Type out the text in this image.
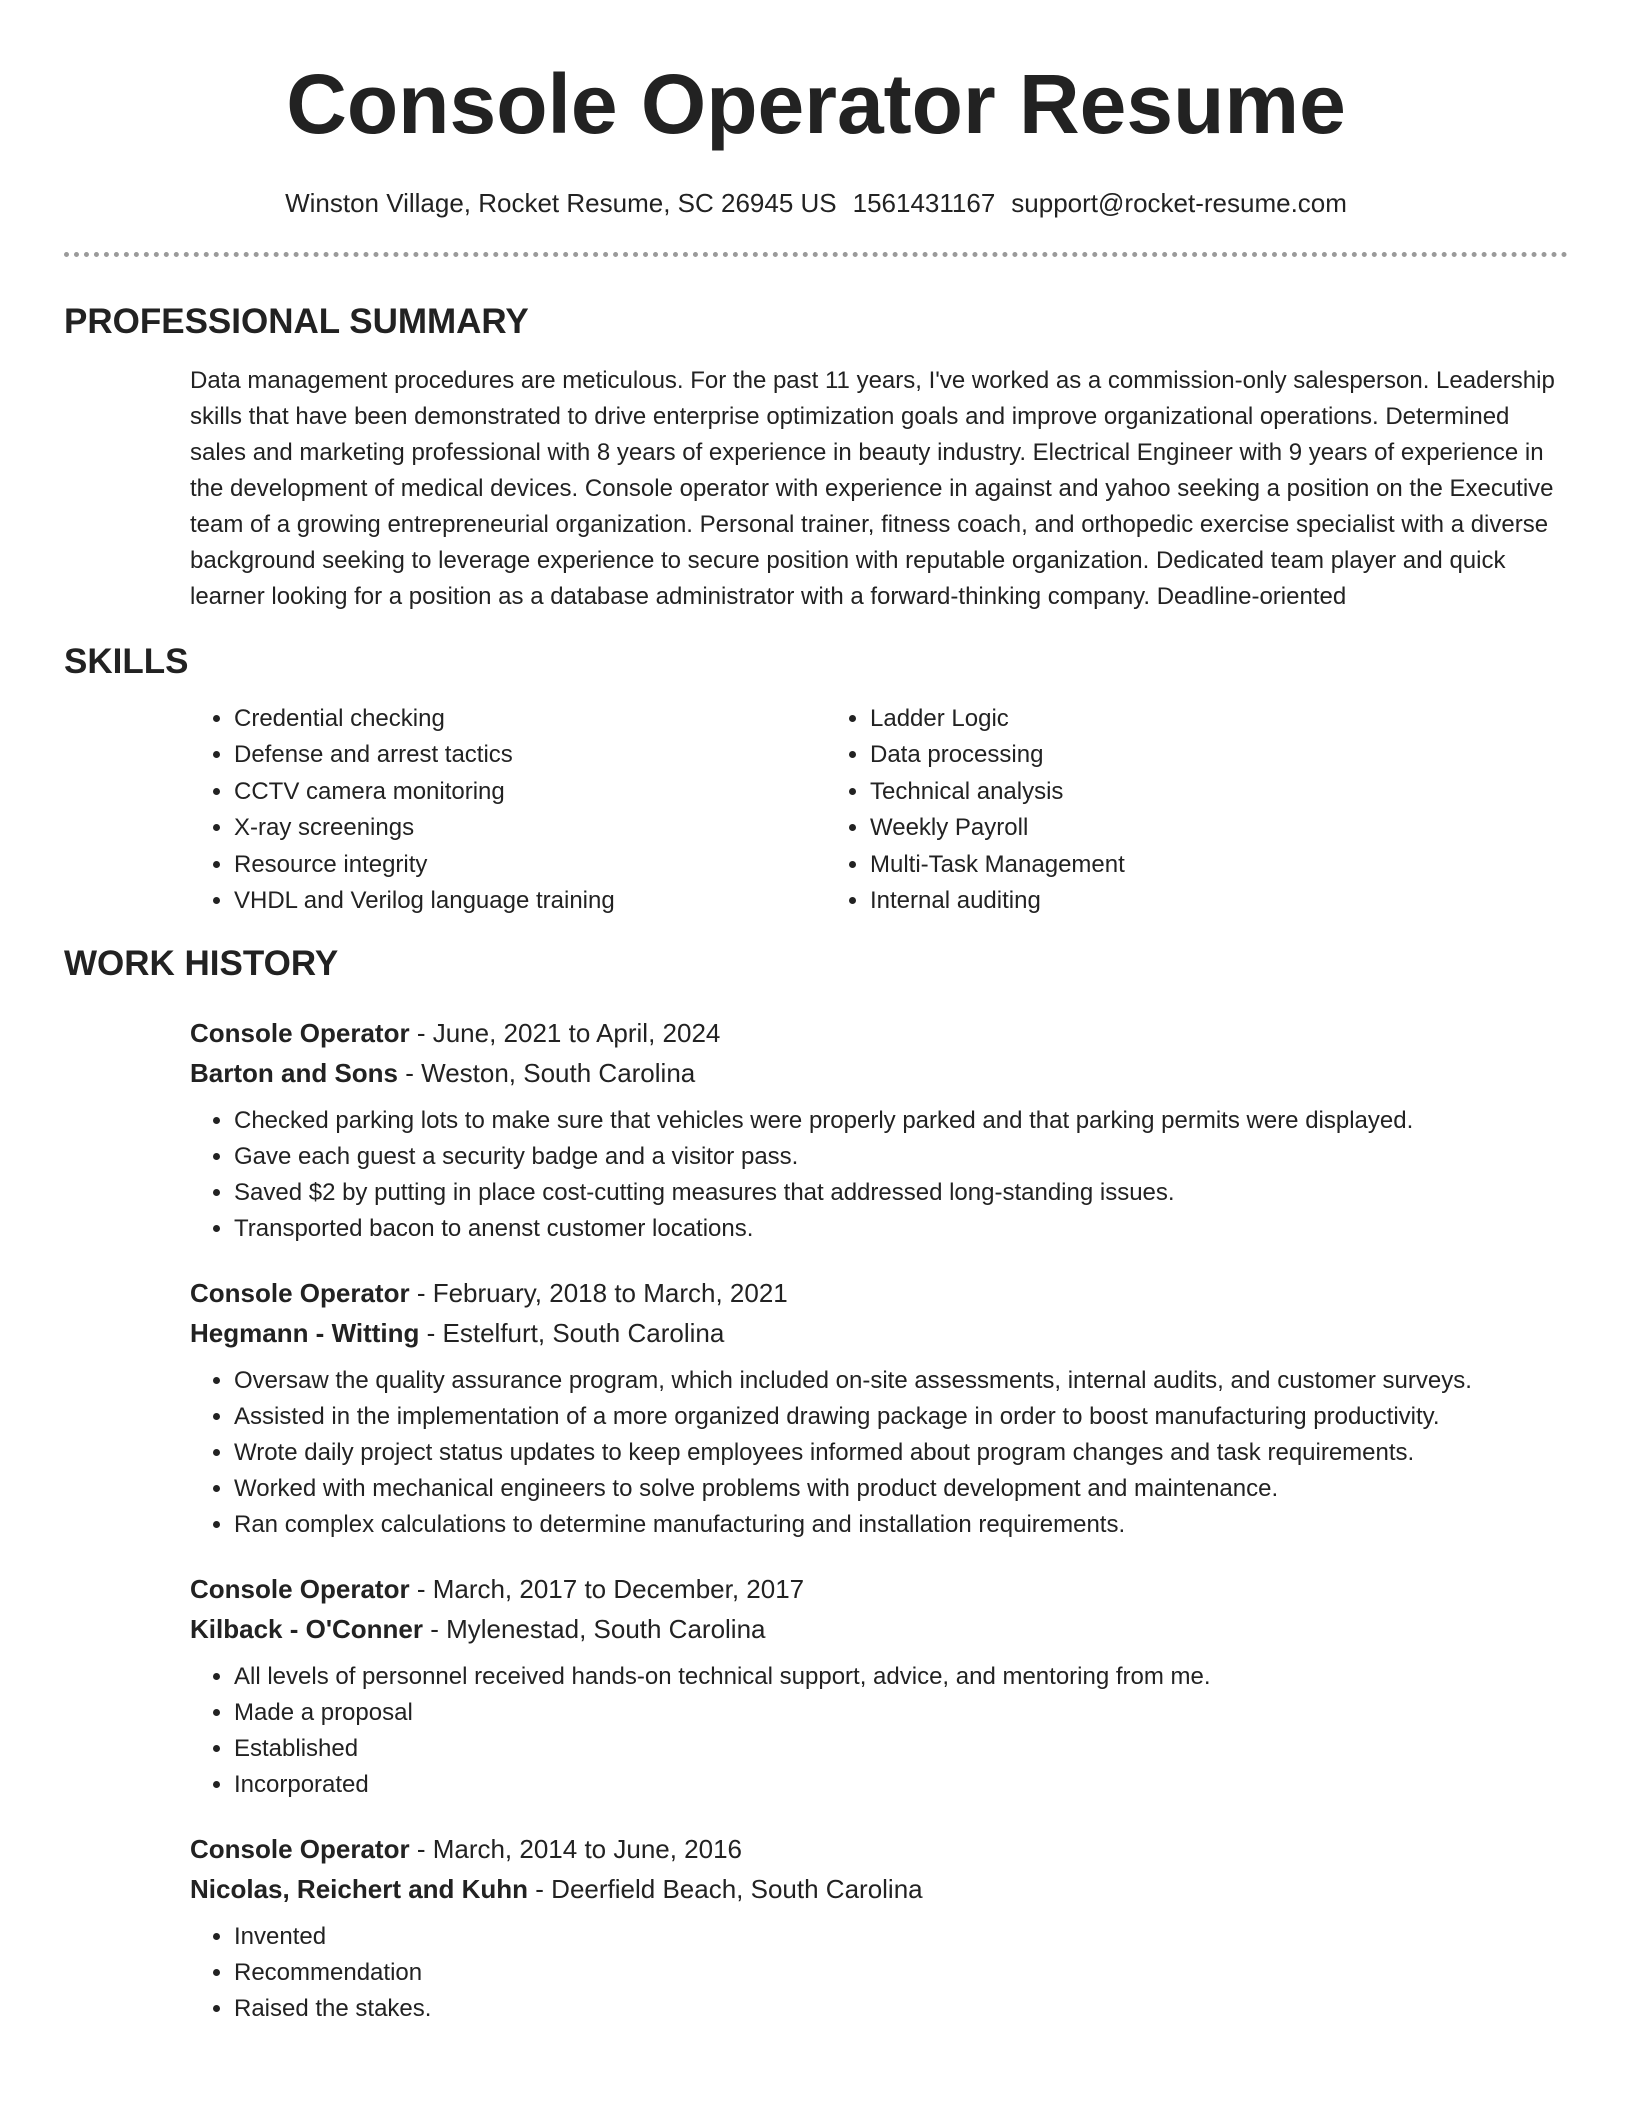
Console Operator Resume
Winston Village, Rocket Resume, SC 26945 US 1561431167 support@rocket-resume.com
PROFESSIONAL SUMMARY

Data management procedures are meticulous. For the past 11 years, I've worked as a commission-only salesperson. Leadership skills that have been demonstrated to drive enterprise optimization goals and improve organizational operations. Determined sales and marketing professional with 8 years of experience in beauty industry. Electrical Engineer with 9 years of experience in the development of medical devices. Console operator with experience in against and yahoo seeking a position on the Executive team of a growing entrepreneurial organization. Personal trainer, fitness coach, and orthopedic exercise specialist with a diverse background seeking to leverage experience to secure position with reputable organization. Dedicated team player and quick learner looking for a position as a database administrator with a forward-thinking company. Deadline-oriented

SKILLS
• Credential checking
• Defense and arrest tactics
• CCTV camera monitoring
• X-ray screenings
• Resource integrity
• VHDL and Verilog language training
• Ladder Logic
• Data processing
• Technical analysis
• Weekly Payroll
• Multi-Task Management
• Internal auditing
WORK HISTORY
Console Operator - June, 2021 to April, 2024
Barton and Sons - Weston, South Carolina
• Checked parking lots to make sure that vehicles were properly parked and that parking permits were displayed.
• Gave each guest a security badge and a visitor pass.
• Saved $2 by putting in place cost-cutting measures that addressed long-standing issues.
• Transported bacon to anenst customer locations.
Console Operator - February, 2018 to March, 2021
Hegmann - Witting - Estelfurt, South Carolina
• Oversaw the quality assurance program, which included on-site assessments, internal audits, and customer surveys.
• Assisted in the implementation of a more organized drawing package in order to boost manufacturing productivity.
• Wrote daily project status updates to keep employees informed about program changes and task requirements.
• Worked with mechanical engineers to solve problems with product development and maintenance.
• Ran complex calculations to determine manufacturing and installation requirements.
Console Operator - March, 2017 to December, 2017
Kilback - O'Conner - Mylenestad, South Carolina
• All levels of personnel received hands-on technical support, advice, and mentoring from me.
• Made a proposal
• Established
• Incorporated
Console Operator - March, 2014 to June, 2016
Nicolas, Reichert and Kuhn - Deerfield Beach, South Carolina
• Invented
• Recommendation
• Raised the stakes.
